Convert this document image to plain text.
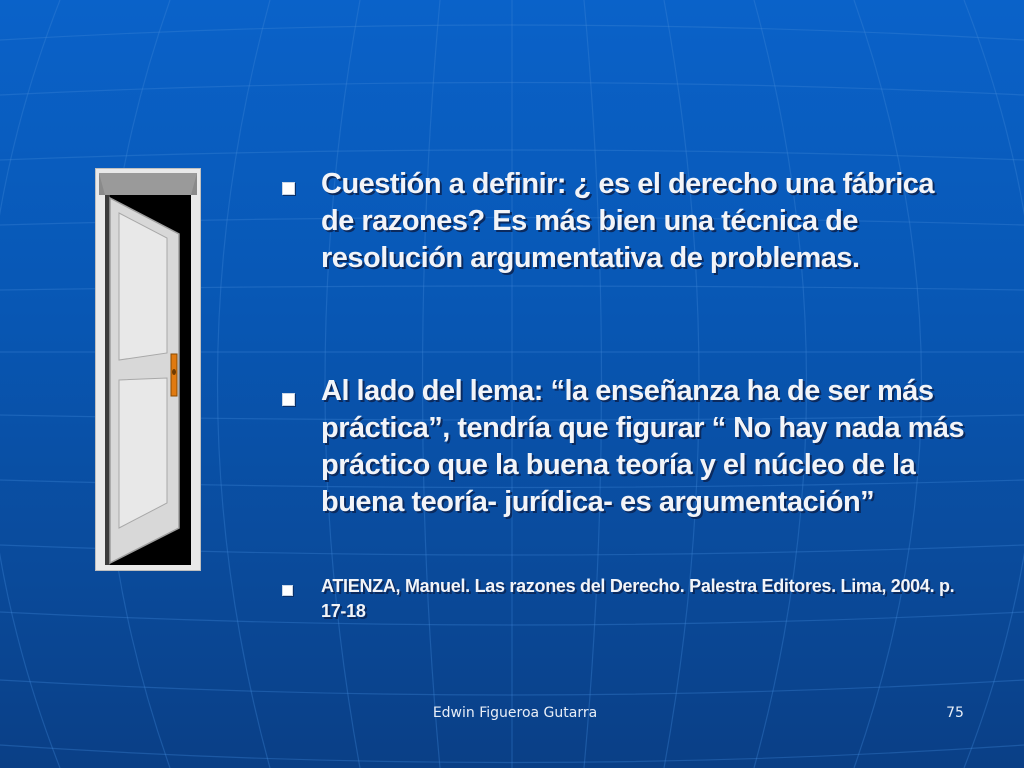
Cuestión a definir: ¿ es el derecho una fábrica de razones? Es más bien una técnica de resolución argumentativa de problemas.
Al lado del lema: “la enseñanza ha de ser más práctica”, tendría que figurar “ No hay nada más práctico que la buena teoría y el núcleo de la buena teoría- jurídica- es argumentación”
ATIENZA, Manuel. Las razones del Derecho. Palestra Editores. Lima, 2004. p. 17-18
Edwin Figueroa Gutarra	75
